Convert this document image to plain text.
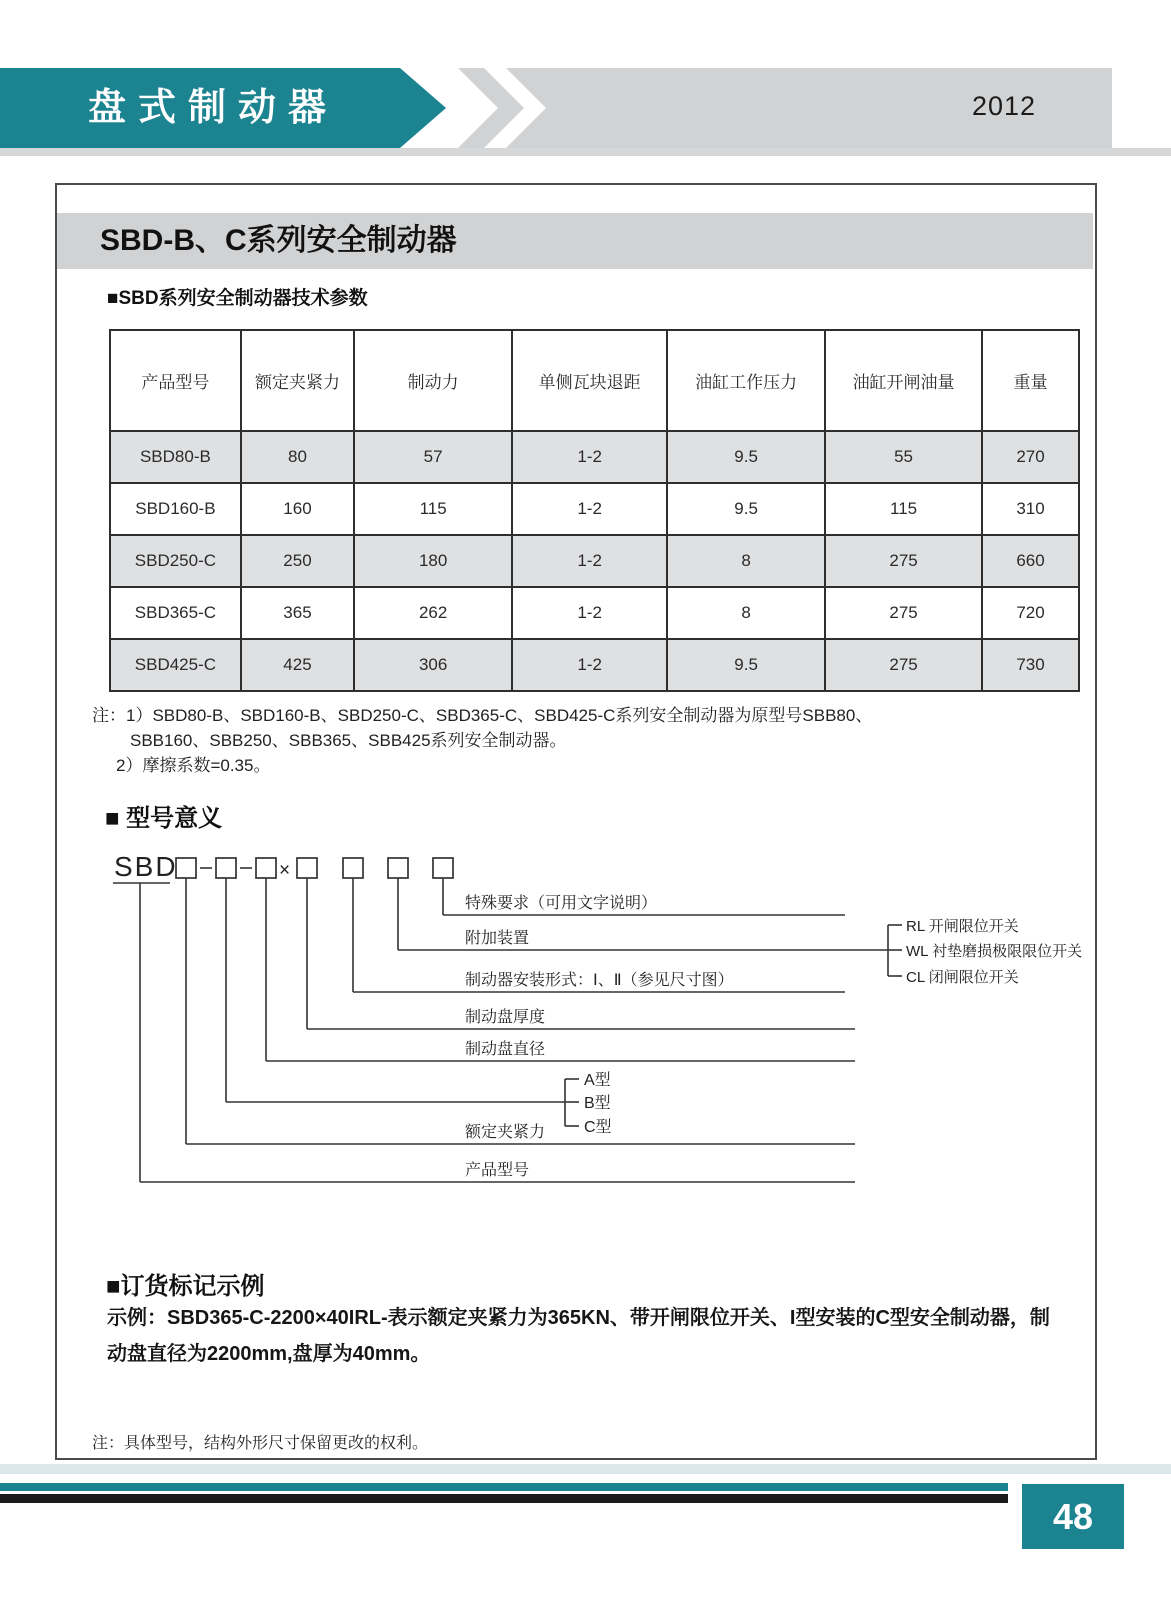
盘式制动器	2012
SBD-B、C系列安全制动器
■SBD系列安全制动器技术参数
产品型号	额定夹紧力	制动力	单侧瓦块退距	油缸工作压力	油缸开闸油量	重量
SBD80-B	80	57	1-2	9.5	55	270
SBD160-B	160	115	1-2	9.5	115	310
SBD250-C	250	180	1-2	8	275	660
SBD365-C	365	262	1-2	8	275	720
SBD425-C	425	306	1-2	9.5	275	730
注：1）SBD80-B、SBD160-B、SBD250-C、SBD365-C、SBD425-C系列安全制动器为原型号SBB80、
SBB160、SBB250、SBB365、SBB425系列安全制动器。
2）摩擦系数=0.35。
■ 型号意义
SBD	×
特殊要求（可用文字说明）
附加装置
制动器安装形式：Ⅰ、Ⅱ（参见尺寸图）
制动盘厚度
制动盘直径
额定夹紧力
产品型号
A型
B型
C型
RL 开闸限位开关
WL 衬垫磨损极限限位开关
CL 闭闸限位开关
■订货标记示例
示例：SBD365-C-2200×40IRL-表示额定夹紧力为365KN、带开闸限位开关、I型安装的C型安全制动器，制
动盘直径为2200mm,盘厚为40mm。
注：具体型号，结构外形尺寸保留更改的权利。
48
